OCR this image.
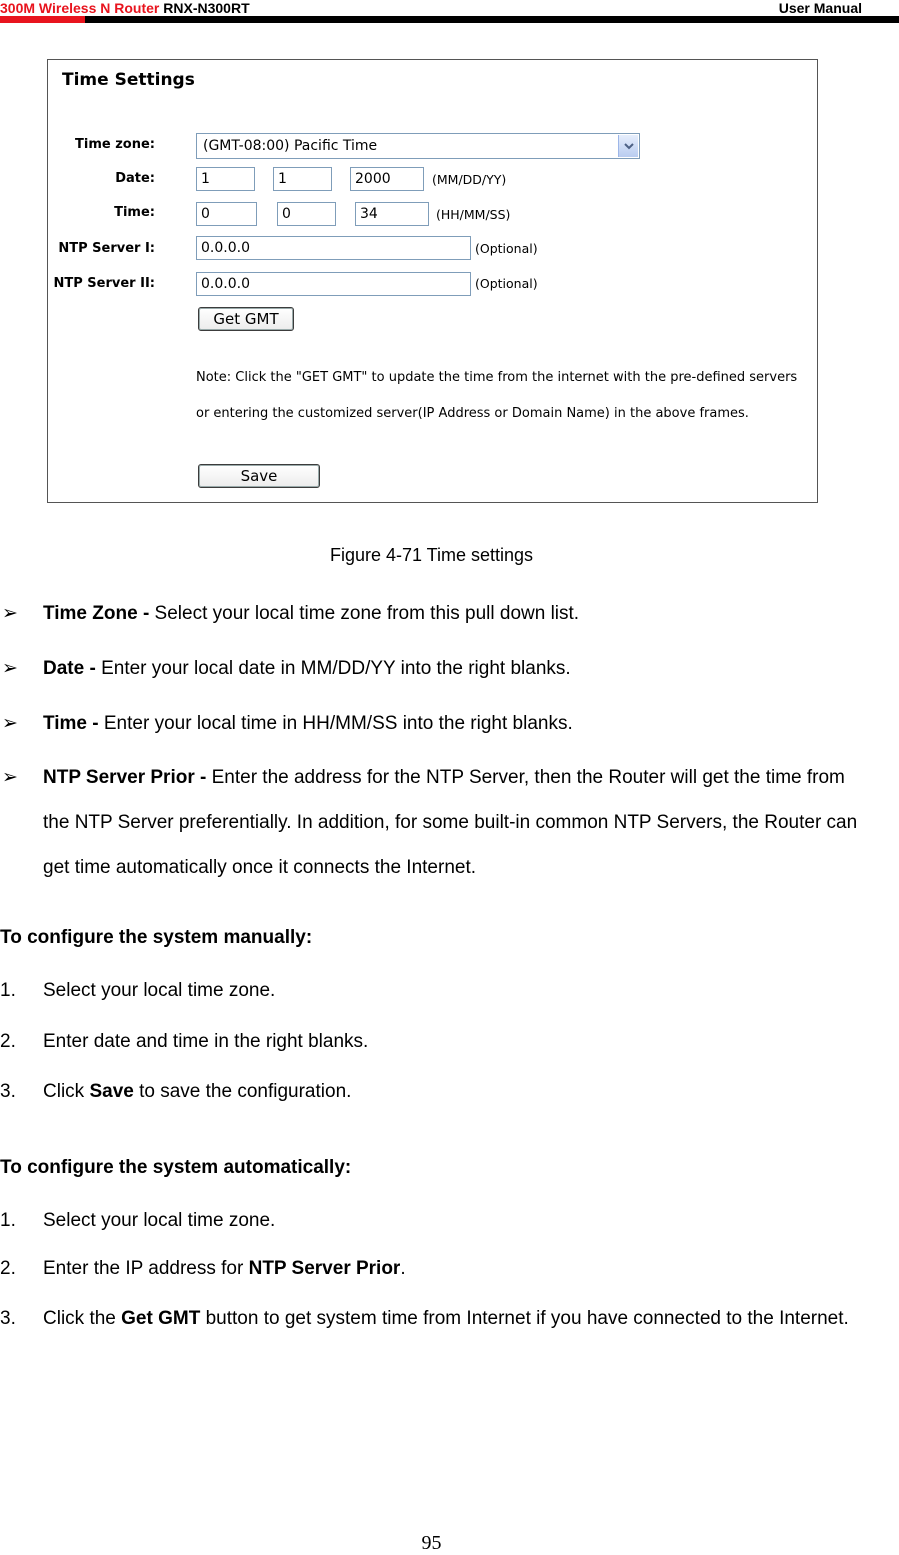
300M Wireless N Router RNX-N300RT	User Manual
Time Settings
Time zone:	(GMT-08:00) Pacific Time
Date:	1	1	2000	(MM/DD/YY)
Time:	0	0	34	(HH/MM/SS)
NTP Server I:	0.0.0.0	(Optional)
NTP Server II:	0.0.0.0	(Optional)
Get GMT
Note: Click the "GET GMT" to update the time from the internet with the pre-defined servers
or entering the customized server(IP Address or Domain Name) in the above frames.
Save
Figure 4-71 Time settings
➢ Time Zone - Select your local time zone from this pull down list.
➢ Date - Enter your local date in MM/DD/YY into the right blanks.
➢ Time - Enter your local time in HH/MM/SS into the right blanks.
➢ NTP Server Prior - Enter the address for the NTP Server, then the Router will get the time from the NTP Server preferentially. In addition, for some built-in common NTP Servers, the Router can get time automatically once it connects the Internet.
To configure the system manually:
1. Select your local time zone.
2. Enter date and time in the right blanks.
3. Click Save to save the configuration.
To configure the system automatically:
1. Select your local time zone.
2. Enter the IP address for NTP Server Prior.
3. Click the Get GMT button to get system time from Internet if you have connected to the Internet.
95
